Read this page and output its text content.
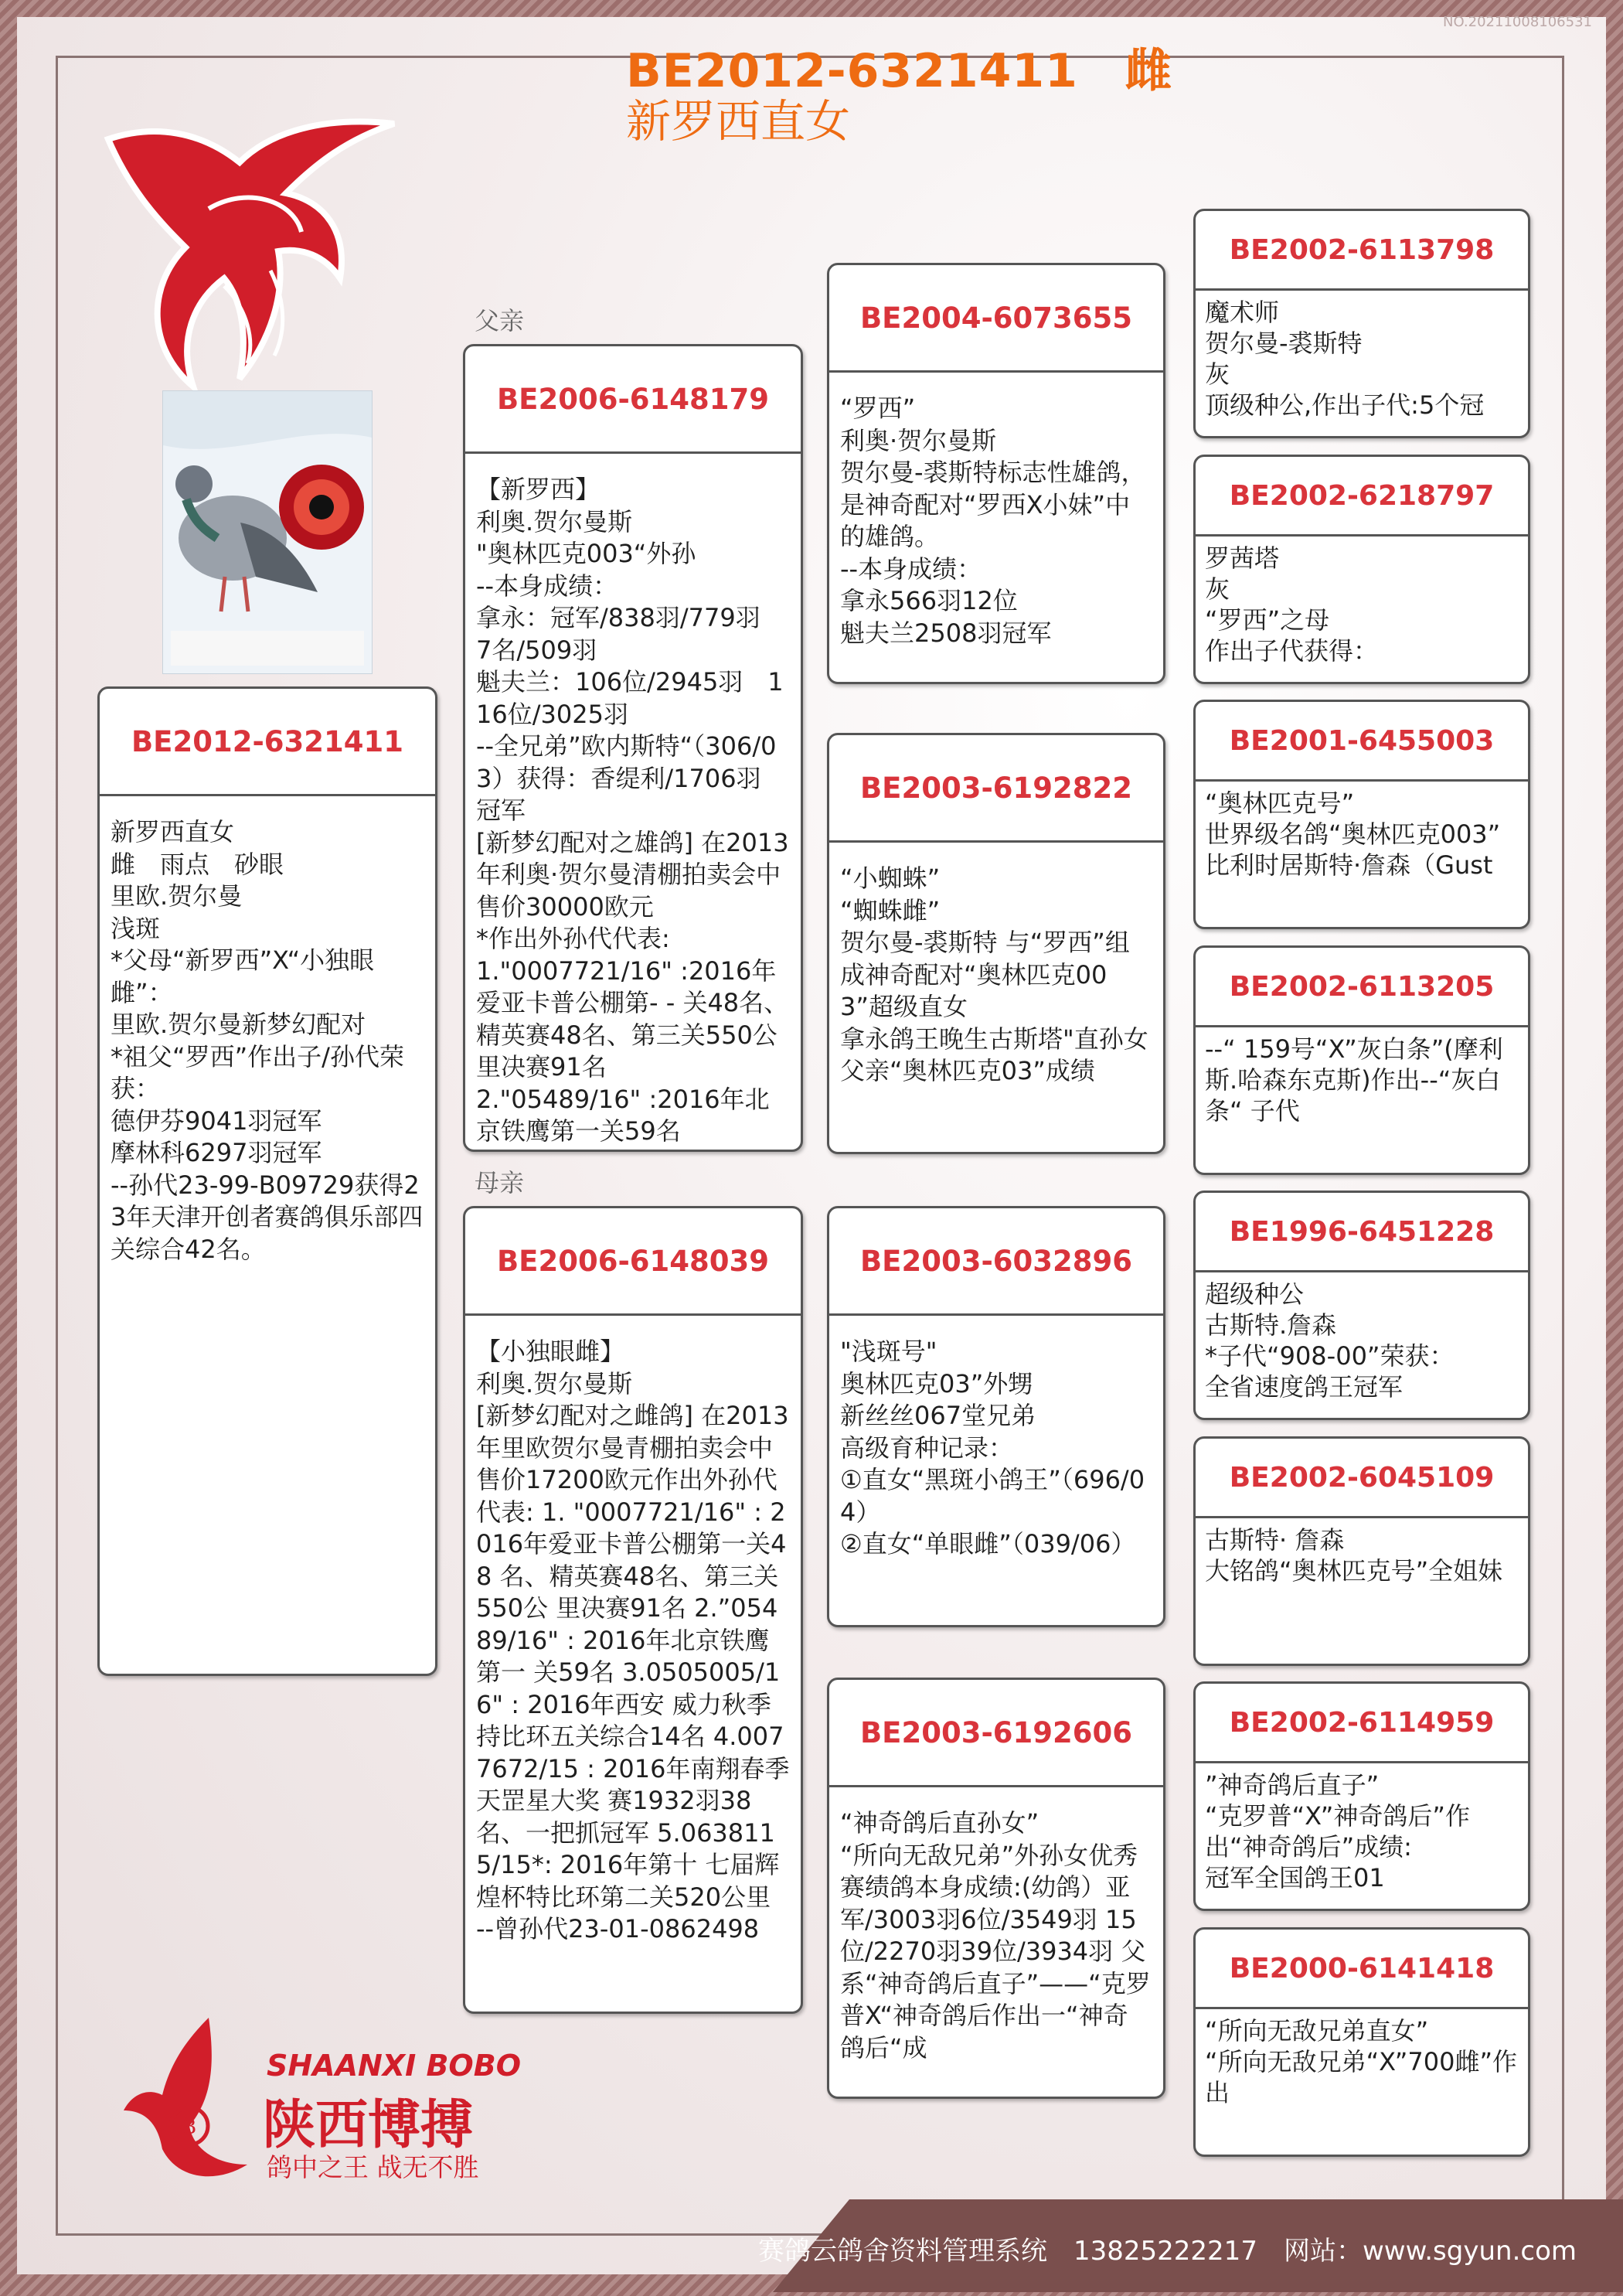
NO.20211008106531
BE2012-6321411　雌
新罗西直女
父亲
母亲
BE2012-6321411
新罗西直女
雌　雨点　砂眼
里欧.贺尔曼
浅斑
*父母“新罗西”X“小独眼雌”：
里欧.贺尔曼新梦幻配对
*祖父“罗西”作出子/孙代荣获：
德伊芬9041羽冠军
摩林科6297羽冠军
--孙代23-99-B09729获得23年天津开创者赛鸽俱乐部四关综合42名。
BE2006-6148179
【新罗西】
利奥.贺尔曼斯
"奥林匹克003“外孙
--本身成绩：
拿永：冠军/838羽/779羽　　7名/509羽
魁夫兰：106位/2945羽　116位/3025羽
--全兄弟”欧内斯特“（306/03）获得：香缇利/1706羽 冠军
[新梦幻配对之雄鸽] 在2013年利奥·贺尔曼清棚拍卖会中售价30000欧元
*作出外孙代代表:
1."0007721/16" :2016年爱亚卡普公棚第- - 关48名、精英赛48名、第三关550公里决赛91名
2."05489/16" :2016年北京铁鹰第一关59名
BE2006-6148039
【小独眼雌】
利奥.贺尔曼斯
[新梦幻配对之雌鸽] 在2013年里欧贺尔曼青棚拍卖会中售价17200欧元作出外孙代 代表: 1. "0007721/16" : 2016年爱亚卡普公棚第一关48 名、精英赛48名、第三关550公 里决赛91名 2.”05489/16" : 2016年北京铁鹰第一 关59名 3.0505005/16" : 2016年西安 威力秋季持比环五关综合14名 4.0077672/15 : 2016年南翔春季天罡星大奖 赛1932羽38名、一把抓冠军 5.0638115/15*: 2016年第十 七届辉煌杯特比环第二关520公里
--曾孙代23-01-0862498
BE2004-6073655
“罗西”
利奥·贺尔曼斯
贺尔曼-裘斯特标志性雄鸽，是神奇配对“罗西X小妹”中的雄鸽。
--本身成绩：
拿永566羽12位
魁夫兰2508羽冠军
BE2003-6192822
“小蜘蛛”
“蜘蛛雌”
贺尔曼-裘斯特 与“罗西”组成神奇配对“奥林匹克003”超级直女
拿永鸽王晚生古斯塔"直孙女
父亲“奥林匹克03”成绩
BE2003-6032896
"浅斑号"
奥林匹克03”外甥
新丝丝067堂兄弟
高级育种记录：
①直女“黑斑小鸽王”（696/04）
②直女“单眼雌”（039/06）
BE2003-6192606
“神奇鸽后直孙女”
“所向无敌兄弟”外孙女优秀赛绩鸽本身成绩:(幼鸽）亚军/3003羽6位/3549羽 15位/2270羽39位/3934羽 父系“神奇鸽后直子”——“克罗普X“神奇鸽后作出一“神奇鸽后“成
BE2002-6113798
魔术师
贺尔曼-裘斯特
灰
顶级种公,作出子代:5个冠
BE2002-6218797
罗茜塔
灰
“罗西”之母
作出子代获得：
BE2001-6455003
“奥林匹克号”
世界级名鸽“奥林匹克003”
比利时居斯特·詹森（Gust
BE2002-6113205
--“ 159号“X”灰白条”(摩利斯.哈森东克斯)作出--“灰白条“ 子代
BE1996-6451228
超级种公
古斯特.詹森
*子代“908-00”荣获：
全省速度鸽王冠军
BE2002-6045109
古斯特· 詹森
大铭鸽“奥林匹克号”全姐妹
BE2002-6114959
”神奇鸽后直子”
“克罗普“X”神奇鸽后”作出“神奇鸽后”成绩:
冠军全国鸽王01
BE2000-6141418
“所向无敌兄弟直女”
“所向无敌兄弟“X”700雌”作出
B
SHAANXI BOBO
陕西博搏
鸽中之王 战无不胜
赛鸽云鸽舍资料管理系统　13825222217　网站：www.sgyun.com
